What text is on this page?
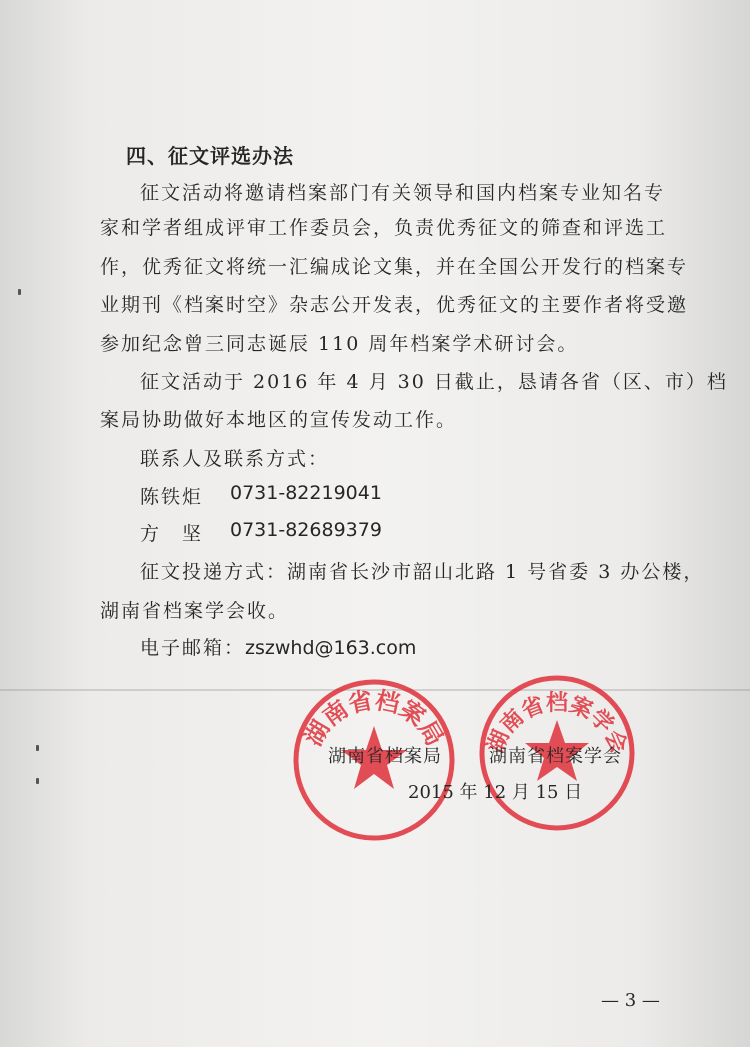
四、征文评选办法
征文活动将邀请档案部门有关领导和国内档案专业知名专
家和学者组成评审工作委员会，负责优秀征文的筛查和评选工
作，优秀征文将统一汇编成论文集，并在全国公开发行的档案专
业期刊《档案时空》杂志公开发表，优秀征文的主要作者将受邀
参加纪念曾三同志诞辰 110 周年档案学术研讨会。
征文活动于 2016 年 4 月 30 日截止，恳请各省（区、市）档
案局协助做好本地区的宣传发动工作。
联系人及联系方式：
陈铁炬 0731-82219041
方　坚 0731-82689379
征文投递方式：湖南省长沙市韶山北路 1 号省委 3 办公楼，
湖南省档案学会收。
电子邮箱：zszwhd@163.com
湖南省档案局 湖南省档案学会
湖南省档案局	湖南省档案学会
2015 年 12 月 15 日
— 3 —
